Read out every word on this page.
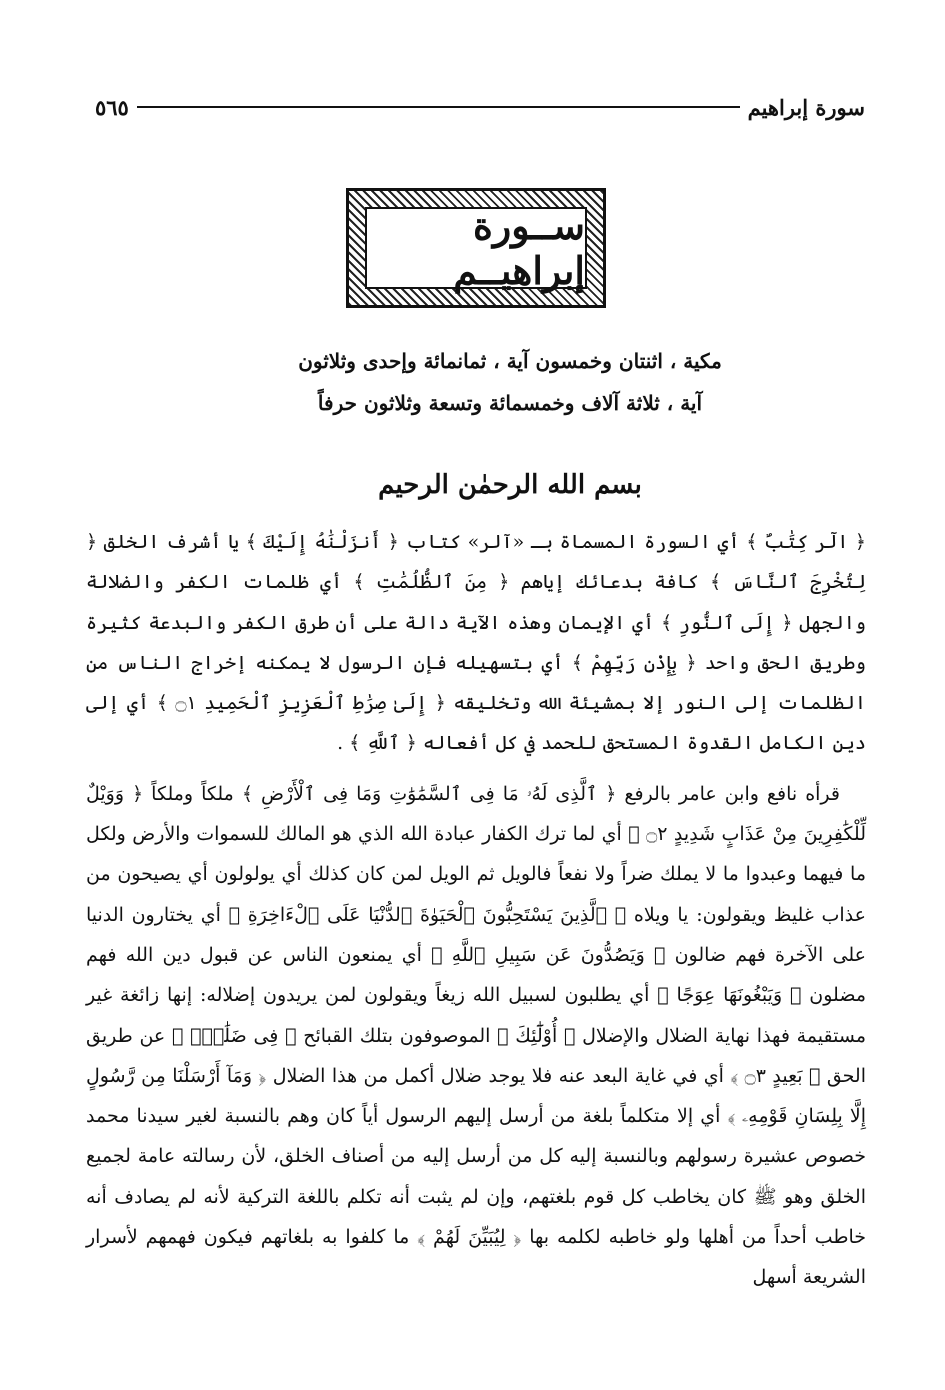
سورة إبراهيم
٥٦٥
ســورة إبراهيــم
مكية ، اثنتان وخمسون آية ، ثمانمائة وإحدى وثلاثون
آية ، ثلاثة آلاف وخمسمائة وتسعة وثلاثون حرفاً
بسم الله الرحمٰن الرحيم

﴿ الٓر كِتَٰبٌ ﴾ أي السورة المسماة بـ «آلر» كتاب ﴿ أَنزَلْنَٰهُ إِلَيْكَ ﴾ يا أشرف الخلق ﴿ لِتُخْرِجَ ٱلنَّاسَ ﴾ كافة بدعائك إياهم ﴿ مِنَ ٱلظُّلُمَٰتِ ﴾ أي ظلمات الكفر والضلالة والجهل ﴿ إِلَى ٱلنُّورِ ﴾ أي الإيمان وهذه الآية دالة على أن طرق الكفر والبدعة كثيرة وطريق الحق واحد ﴿ بِإِذْنِ رَبِّهِمْ ﴾ أي بتسهيله فإن الرسول لا يمكنه إخراج الناس من الظلمات إلى النور إلا بمشيئة الله وتخليقه ﴿ إِلَىٰ صِرَٰطِ ٱلْعَزِيزِ ٱلْحَمِيدِ ۝١ ﴾ أي إلى دين الكامل القدوة المستحق للحمد في كل أفعاله ﴿ ٱللَّهِ ﴾ .

قرأه نافع وابن عامر بالرفع ﴿ ٱلَّذِى لَهُۥ مَا فِى ٱلسَّمَٰوَٰتِ وَمَا فِى ٱلْأَرْضِ ﴾ ملكاً وملكاً ﴿ وَوَيْلٌ لِّلْكَٰفِرِينَ مِنْ عَذَابٍ شَدِيدٍ ۝٢ ﴾ أي لما ترك الكفار عبادة الله الذي هو المالك للسموات والأرض ولكل ما فيهما وعبدوا ما لا يملك ضراً ولا نفعاً فالويل ثم الويل لمن كان كذلك أي يولولون أي يصيحون من عذاب غليظ ويقولون: يا ويلاه ﴿ ٱلَّذِينَ يَسْتَحِبُّونَ ٱلْحَيَوٰةَ ٱلدُّنْيَا عَلَى ٱلْءَاخِرَةِ ﴾ أي يختارون الدنيا على الآخرة فهم ضالون ﴿ وَيَصُدُّونَ عَن سَبِيلِ ٱللَّهِ ﴾ أي يمنعون الناس عن قبول دين الله فهم مضلون ﴿ وَيَبْغُونَهَا عِوَجًا ﴾ أي يطلبون لسبيل الله زيغاً ويقولون لمن يريدون إضلاله: إنها زائغة غير مستقيمة فهذا نهاية الضلال والإضلال ﴿ أُوْلَٰٓئِكَ ﴾ الموصوفون بتلك القبائح ﴿ فِى ضَلَٰلٍۭ ﴾ عن طريق الحق ﴿ بَعِيدٍ ۝٣ ﴾ أي في غاية البعد عنه فلا يوجد ضلال أكمل من هذا الضلال ﴿ وَمَآ أَرْسَلْنَا مِن رَّسُولٍ إِلَّا بِلِسَانِ قَوْمِهِۦ ﴾ أي إلا متكلماً بلغة من أرسل إليهم الرسول أياً كان وهم بالنسبة لغير سيدنا محمد خصوص عشيرة رسولهم وبالنسبة إليه كل من أرسل إليه من أصناف الخلق، لأن رسالته عامة لجميع الخلق وهو ﷺ كان يخاطب كل قوم بلغتهم، وإن لم يثبت أنه تكلم باللغة التركية لأنه لم يصادف أنه خاطب أحداً من أهلها ولو خاطبه لكلمه بها ﴿ لِيُبَيِّنَ لَهُمْ ﴾ ما كلفوا به بلغاتهم فيكون فهمهم لأسرار الشريعة أسهل
